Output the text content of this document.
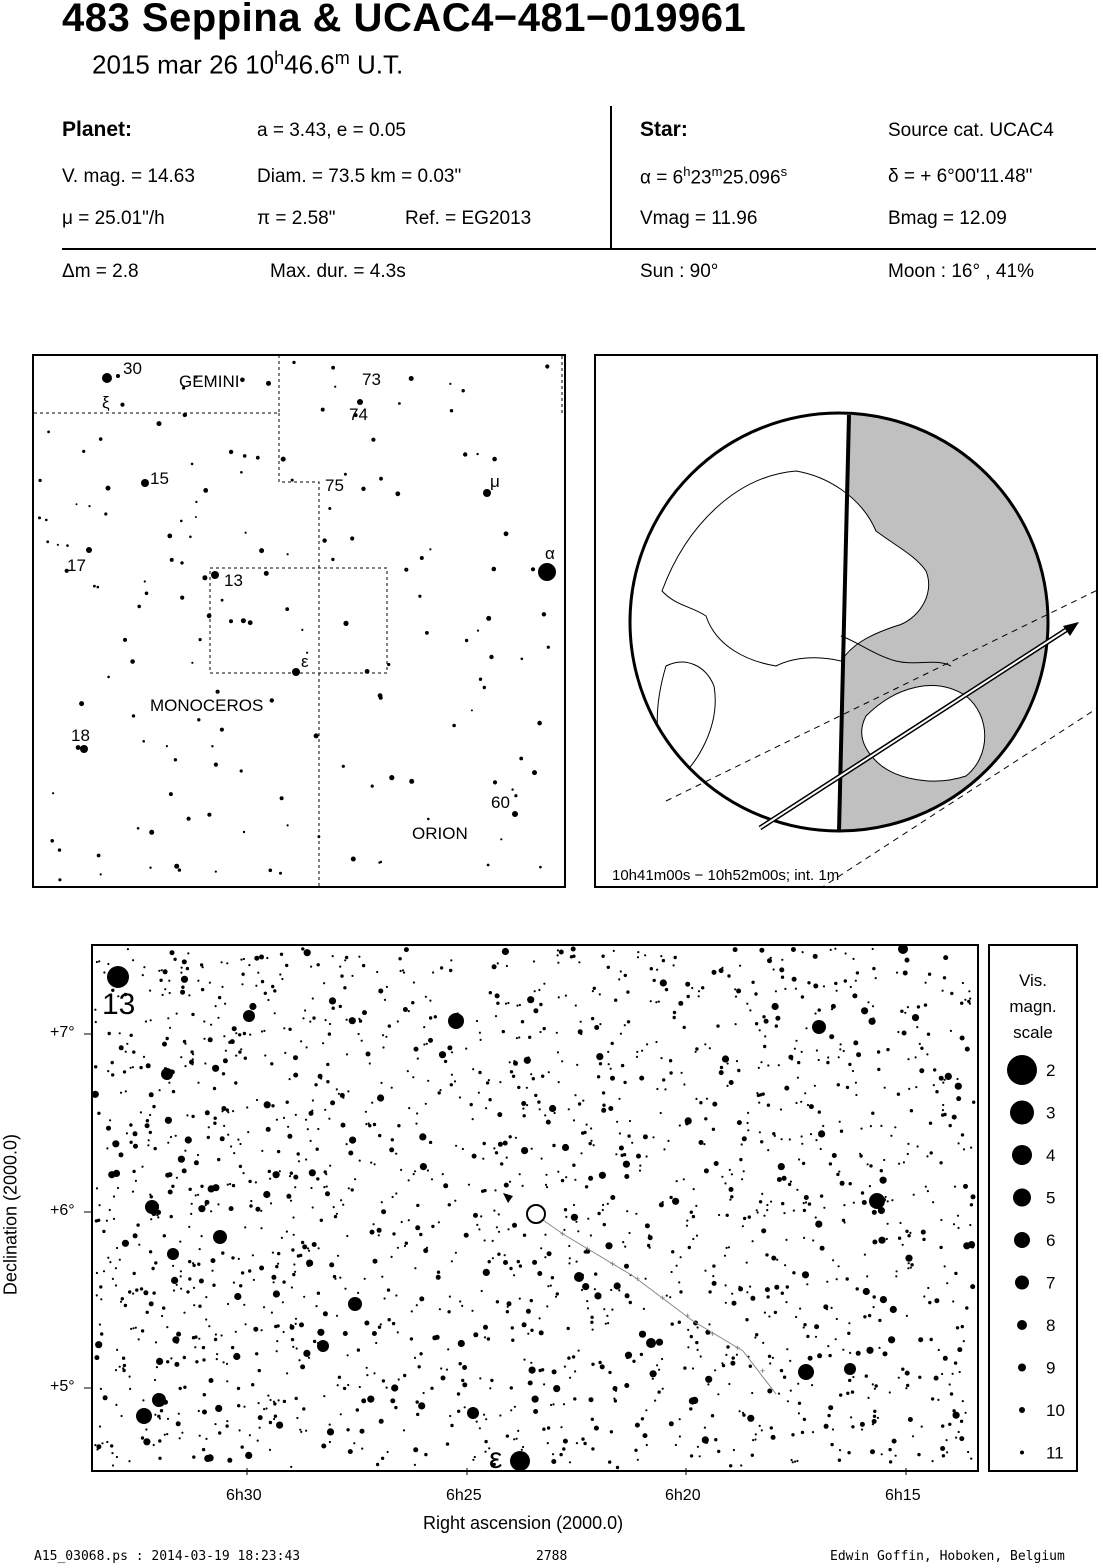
483 Seppina & UCAC4−481−019961
2015 mar 26 10$^h$46.6$^m$ U.T.
Planet:	a = 3.43, e = 0.05
V. mag. = 14.63	Diam. = 73.5 km = 0.03"
μ = 25.01"/h	π = 2.58"	Ref. = EG2013
Star:	Source cat. UCAC4
$\alpha = 6^h23^m25.096^s$	δ = + 6°00'11.48"
Vmag = 11.96	Bmag = 12.09
Δm = 2.8	Max. dur. = 4.3s	Sun : 90°	Moon : 16° , 41%
GEMINI
MONOCEROS
ORION
30
ξ
73
74
15	75	μ
17
α
13
ε
18
60
10h41m00s − 10h52m00s; int. 1m
+
+
+
+
+
+
+
+
+
13
ε
+7°
+6°
+5°
6h30	6h25	6h20	6h15
Right ascension (2000.0)
Declination (2000.0)
Vis.
magn.
scale
2
3
4
5
6
7
8
9
10
11
A15_03068.ps : 2014-03-19 18:23:43	2788	Edwin Goffin, Hoboken, Belgium
